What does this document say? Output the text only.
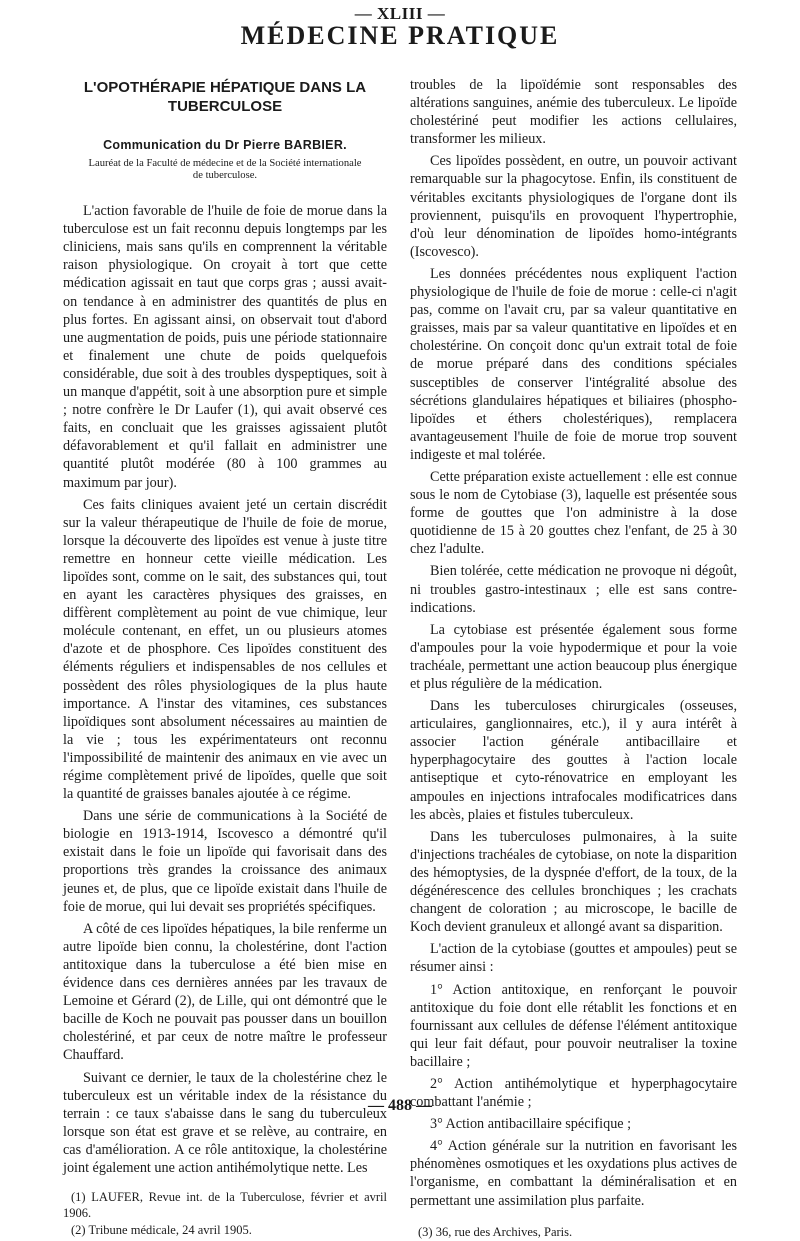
— XLIII —
MÉDECINE PRATIQUE
L'OPOTHÉRAPIE HÉPATIQUE DANS LA
TUBERCULOSE
Communication du Dr Pierre BARBIER.
Lauréat de la Faculté de médecine et de la Société internationale
de tuberculose.

L'action favorable de l'huile de foie de morue dans la tuberculose est un fait reconnu depuis longtemps par les cliniciens, mais sans qu'ils en comprennent la véritable raison physiologique. On croyait à tort que cette médication agissait en taut que corps gras ; aussi avait-on tendance à en administrer des quantités de plus en plus fortes. En agissant ainsi, on observait tout d'abord une augmentation de poids, puis une période stationnaire et finalement une chute de poids quelquefois considérable, due soit à des troubles dyspeptiques, soit à un manque d'appétit, soit à une absorption pure et simple ; notre confrère le Dr Laufer (1), qui avait observé ces faits, en concluait que les graisses agissaient plutôt défavorablement et qu'il fallait en administrer une quantité plutôt modérée (80 à 100 grammes au maximum par jour).

Ces faits cliniques avaient jeté un certain discrédit sur la valeur thérapeutique de l'huile de foie de morue, lorsque la découverte des lipoïdes est venue à juste titre remettre en honneur cette vieille médication. Les lipoïdes sont, comme on le sait, des substances qui, tout en ayant les caractères physiques des graisses, en diffèrent complètement au point de vue chimique, leur molécule contenant, en effet, un ou plusieurs atomes d'azote et de phosphore. Ces lipoïdes constituent des éléments réguliers et indispensables de nos cellules et possèdent des rôles physiologiques de la plus haute importance. A l'instar des vitamines, ces substances lipoïdiques sont absolument nécessaires au maintien de la vie ; tous les expérimentateurs ont reconnu l'impossibilité de maintenir des animaux en vie avec un régime complètement privé de lipoïdes, quelle que soit la quantité de graisses banales ajoutée à ce régime.

Dans une série de communications à la Société de biologie en 1913-1914, Iscovesco a démontré qu'il existait dans le foie un lipoïde qui favorisait dans des proportions très grandes la croissance des animaux jeunes et, de plus, que ce lipoïde existait dans l'huile de foie de morue, qui lui devait ses propriétés spécifiques.

A côté de ces lipoïdes hépatiques, la bile renferme un autre lipoïde bien connu, la cholestérine, dont l'action antitoxique dans la tuberculose a été bien mise en évidence dans ces dernières années par les travaux de Lemoine et Gérard (2), de Lille, qui ont démontré que le bacille de Koch ne pouvait pas pousser dans un bouillon cholestériné, et par ceux de notre maître le professeur Chauffard.

Suivant ce dernier, le taux de la cholestérine chez le tuberculeux est un véritable index de la résistance du terrain : ce taux s'abaisse dans le sang du tuberculeux lorsque son état est grave et se relève, au contraire, en cas d'amélioration. A ce rôle antitoxique, la cholestérine joint également une action antihémolytique nette. Les

(1) LAUFER, Revue int. de la Tuberculose, février et avril 1906.

(2) Tribune médicale, 24 avril 1905.

troubles de la lipoïdémie sont responsables des altérations sanguines, anémie des tuberculeux. Le lipoïde cholestériné peut modifier les actions cellulaires, transformer les milieux.

Ces lipoïdes possèdent, en outre, un pouvoir activant remarquable sur la phagocytose. Enfin, ils constituent de véritables excitants physiologiques de l'organe dont ils proviennent, puisqu'ils en provoquent l'hypertrophie, d'où leur dénomination de lipoïdes homo-intégrants (Iscovesco).

Les données précédentes nous expliquent l'action physiologique de l'huile de foie de morue : celle-ci n'agit pas, comme on l'avait cru, par sa valeur quantitative en graisses, mais par sa valeur quantitative en lipoïdes et en cholestérine. On conçoit donc qu'un extrait total de foie de morue préparé dans des conditions spéciales susceptibles de conserver l'intégralité absolue des sécrétions glandulaires hépatiques et biliaires (phospho-lipoïdes et éthers cholestériques), remplacera avantageusement l'huile de foie de morue trop souvent indigeste et mal tolérée.

Cette préparation existe actuellement : elle est connue sous le nom de Cytobiase (3), laquelle est présentée sous forme de gouttes que l'on administre à la dose quotidienne de 15 à 20 gouttes chez l'enfant, de 25 à 30 chez l'adulte.

Bien tolérée, cette médication ne provoque ni dégoût, ni troubles gastro-intestinaux ; elle est sans contre-indications.

La cytobiase est présentée également sous forme d'ampoules pour la voie hypodermique et pour la voie trachéale, permettant une action beaucoup plus énergique et plus régulière de la médication.

Dans les tuberculoses chirurgicales (osseuses, articulaires, ganglionnaires, etc.), il y aura intérêt à associer l'action générale antibacillaire et hyperphagocytaire des gouttes à l'action locale antiseptique et cyto-rénovatrice en employant les ampoules en injections intrafocales modificatrices dans les abcès, plaies et fistules tuberculeux.

Dans les tuberculoses pulmonaires, à la suite d'injections trachéales de cytobiase, on note la disparition des hémoptysies, de la dyspnée d'effort, de la toux, de la dégénérescence des cellules bronchiques ; les crachats changent de coloration ; au microscope, le bacille de Koch devient granuleux et allongé avant sa disparition.

L'action de la cytobiase (gouttes et ampoules) peut se résumer ainsi :

1° Action antitoxique, en renforçant le pouvoir antitoxique du foie dont elle rétablit les fonctions et en fournissant aux cellules de défense l'élément antitoxique qui leur fait défaut, pour pouvoir neutraliser la toxine bacillaire ;

2° Action antihémolytique et hyperphagocytaire combattant l'anémie ;

3° Action antibacillaire spécifique ;

4° Action générale sur la nutrition en favorisant les phénomènes osmotiques et les oxydations plus actives de l'organisme, en combattant la déminéralisation et en permettant une assimilation plus parfaite.

(3) 36, rue des Archives, Paris.

— 488 —
